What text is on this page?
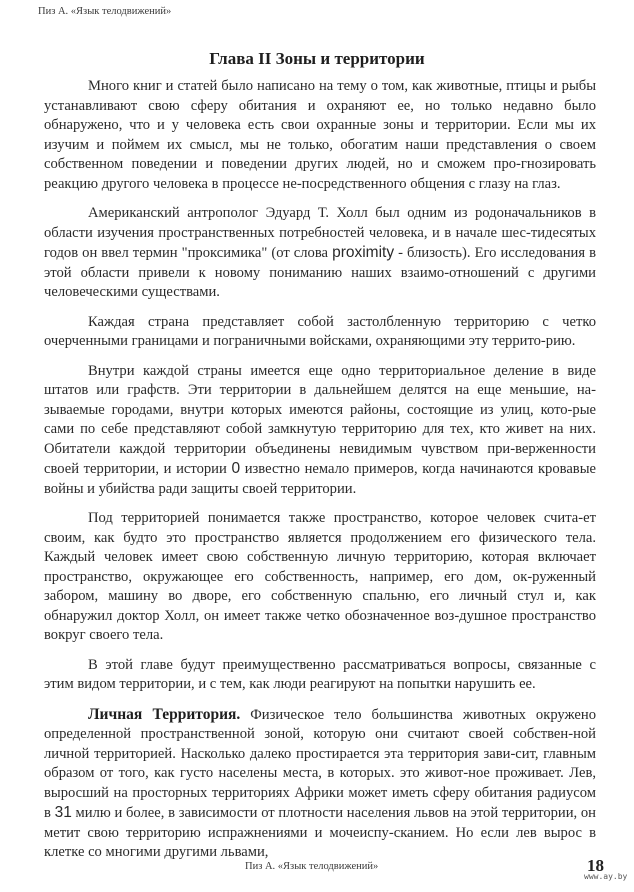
Пиз А. «Язык телодвижений»
Глава II Зоны и территории

Много книг и статей было написано на тему о том, как животные, птицы и рыбы устанавливают свою сферу обитания и охраняют ее, но только недавно было обнаружено, что и у человека есть свои охранные зоны и территории. Если мы их изучим и поймем их смысл, мы не только, обогатим наши представления о своем собственном поведении и поведении других людей, но и сможем про-гнозировать реакцию другого человека в процессе не-посредственного общения с глазу на глаз.

Американский антрополог Эдуард Т. Холл был одним из родоначальников в области изучения пространственных потребностей человека, и в начале шес-тидесятых годов он ввел термин "проксимика" (от слова proximity - близость). Его исследования в этой области привели к новому пониманию наших взаимо-отношений с другими человеческими существами.

Каждая страна представляет собой застолбленную территорию с четко очерченными границами и пограничными войсками, охраняющими эту террито-рию.

Внутри каждой страны имеется еще одно территориальное деление в виде штатов или графств. Эти территории в дальнейшем делятся на еще меньшие, на-зываемые городами, внутри которых имеются районы, состоящие из улиц, кото-рые сами по себе представляют собой замкнутую территорию для тех, кто живет на них. Обитатели каждой территории объединены невидимым чувством при-верженности своей территории, и истории 0 известно немало примеров, когда начинаются кровавые войны и убийства ради защиты своей территории.

Под территорией понимается также пространство, которое человек счита-ет своим, как будто это пространство является продолжением его физического тела. Каждый человек имеет свою собственную личную территорию, которая включает пространство, окружающее его собственность, например, его дом, ок-руженный забором, машину во дворе, его собственную спальню, его личный стул и, как обнаружил доктор Холл, он имеет также четко обозначенное воз-душное пространство вокруг своего тела.

В этой главе будут преимущественно рассматриваться вопросы, связанные с этим видом территории, и с тем, как люди реагируют на попытки нарушить ее.

Личная Территория. Физическое тело большинства животных окружено определенной пространственной зоной, которую они считают своей собствен-ной личной территорией. Насколько далеко простирается эта территория зави-сит, главным образом от того, как густо населены места, в которых. это живот-ное проживает. Лев, выросший на просторных территориях Африки может иметь сферу обитания радиусом в 31 милю и более, в зависимости от плотности населения львов на этой территории, он метит свою территорию испражнениями и мочеиспу-сканием. Но если лев вырос в клетке со многими другими львами,

Пиз А. «Язык телодвижений»	18
www.ay.by
